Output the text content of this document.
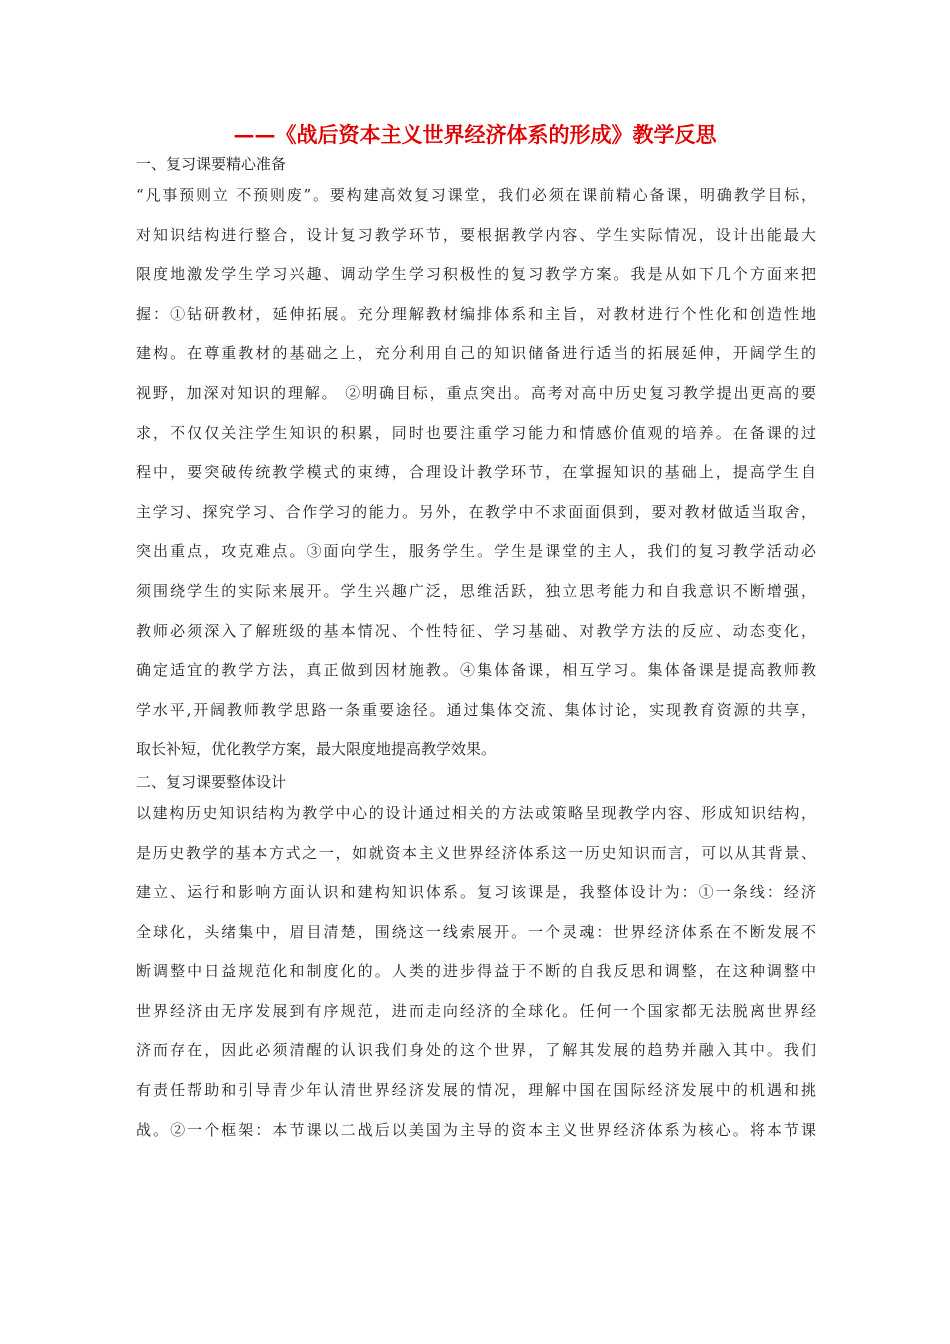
——《战后资本主义世界经济体系的形成》教学反思
一、复习课要精心准备
“凡事预则立 不预则废”。要构建高效复习课堂，我们必须在课前精心备课，明确教学目标，
对知识结构进行整合，设计复习教学环节，要根据教学内容、学生实际情况，设计出能最大
限度地激发学生学习兴趣、调动学生学习积极性的复习教学方案。我是从如下几个方面来把
握：①钻研教材，延伸拓展。充分理解教材编排体系和主旨，对教材进行个性化和创造性地
建构。在尊重教材的基础之上，充分利用自己的知识储备进行适当的拓展延伸，开阔学生的
视野，加深对知识的理解。 ②明确目标，重点突出。高考对高中历史复习教学提出更高的要
求，不仅仅关注学生知识的积累，同时也要注重学习能力和情感价值观的培养。在备课的过
程中，要突破传统教学模式的束缚，合理设计教学环节，在掌握知识的基础上，提高学生自
主学习、探究学习、合作学习的能力。另外，在教学中不求面面俱到，要对教材做适当取舍，
突出重点，攻克难点。③面向学生，服务学生。学生是课堂的主人，我们的复习教学活动必
须围绕学生的实际来展开。学生兴趣广泛，思维活跃，独立思考能力和自我意识不断增强，
教师必须深入了解班级的基本情况、个性特征、学习基础、对教学方法的反应、动态变化，
确定适宜的教学方法，真正做到因材施教。④集体备课，相互学习。集体备课是提高教师教
学水平,开阔教师教学思路一条重要途径。通过集体交流、集体讨论，实现教育资源的共享，
取长补短，优化教学方案，最大限度地提高教学效果。
二、复习课要整体设计
以建构历史知识结构为教学中心的设计通过相关的方法或策略呈现教学内容、形成知识结构，
是历史教学的基本方式之一，如就资本主义世界经济体系这一历史知识而言，可以从其背景、
建立、运行和影响方面认识和建构知识体系。复习该课是，我整体设计为：①一条线：经济
全球化，头绪集中，眉目清楚，围绕这一线索展开。一个灵魂：世界经济体系在不断发展不
断调整中日益规范化和制度化的。人类的进步得益于不断的自我反思和调整，在这种调整中
世界经济由无序发展到有序规范，进而走向经济的全球化。任何一个国家都无法脱离世界经
济而存在，因此必须清醒的认识我们身处的这个世界，了解其发展的趋势并融入其中。我们
有责任帮助和引导青少年认清世界经济发展的情况，理解中国在国际经济发展中的机遇和挑
战。②一个框架：本节课以二战后以美国为主导的资本主义世界经济体系为核心。将本节课
